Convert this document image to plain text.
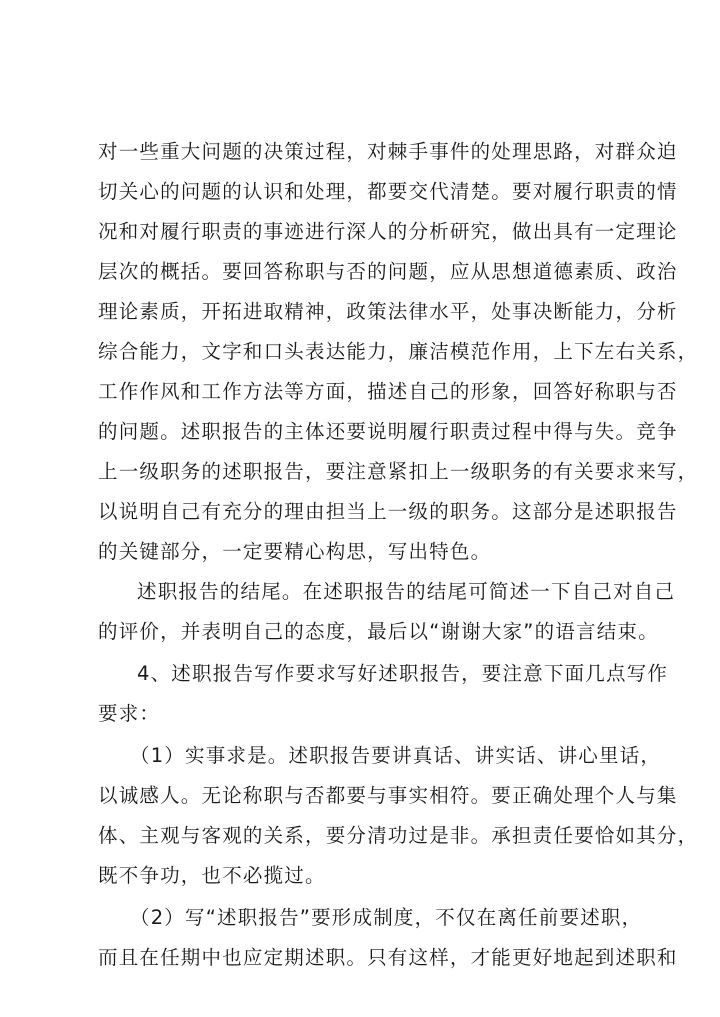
对一些重大问题的决策过程，对棘手事件的处理思路，对群众迫
切关心的问题的认识和处理，都要交代清楚。要对履行职责的情
况和对履行职责的事迹进行深人的分析研究，做出具有一定理论
层次的概括。要回答称职与否的问题，应从思想道德素质、政治
理论素质，开拓进取精神，政策法律水平，处事决断能力，分析
综合能力，文字和口头表达能力，廉洁模范作用，上下左右关系，
工作作风和工作方法等方面，描述自己的形象，回答好称职与否
的问题。述职报告的主体还要说明履行职责过程中得与失。竞争
上一级职务的述职报告，要注意紧扣上一级职务的有关要求来写，
以说明自己有充分的理由担当上一级的职务。这部分是述职报告
的关键部分，一定要精心构思，写出特色。
述职报告的结尾。在述职报告的结尾可简述一下自己对自己
的评价，并表明自己的态度，最后以“谢谢大家”的语言结束。
4、述职报告写作要求写好述职报告，要注意下面几点写作
要求：
（1）实事求是。述职报告要讲真话、讲实话、讲心里话，
以诚感人。无论称职与否都要与事实相符。要正确处理个人与集
体、主观与客观的关系，要分清功过是非。承担责任要恰如其分，
既不争功，也不必揽过。
（2）写“述职报告”要形成制度，不仅在离任前要述职，
而且在任期中也应定期述职。只有这样，才能更好地起到述职和
